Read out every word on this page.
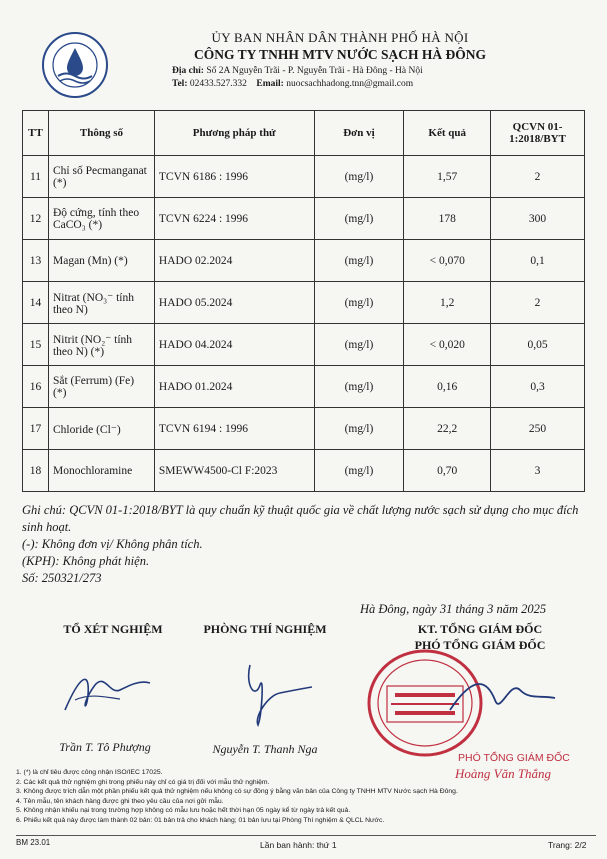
ỦY BAN NHÂN DÂN THÀNH PHỐ HÀ NỘI
CÔNG TY TNHH MTV NƯỚC SẠCH HÀ ĐÔNG
Địa chỉ: Số 2A Nguyễn Trãi - P. Nguyễn Trãi - Hà Đông - Hà Nội
Tel: 02433.527.332 Email: nuocsachhadong.tnn@gmail.com
TT	Thông số	Phương pháp thử	Đơn vị	Kết quả	QCVN 01-1:2018/BYT
11	Chỉ số Pecmanganat (*)	TCVN 6186 : 1996	(mg/l)	1,57	2
12	Độ cứng, tính theo CaCO₃ (*)	TCVN 6224 : 1996	(mg/l)	178	300
13	Magan (Mn) (*)	HADO 02.2024	(mg/l)	< 0,070	0,1
14	Nitrat (NO₃⁻ tính theo N)	HADO 05.2024	(mg/l)	1,2	2
15	Nitrit (NO₂⁻ tính theo N) (*)	HADO 04.2024	(mg/l)	< 0,020	0,05
16	Sắt (Ferrum) (Fe) (*)	HADO 01.2024	(mg/l)	0,16	0,3
17	Chloride (Cl⁻)	TCVN 6194 : 1996	(mg/l)	22,2	250
18	Monochloramine	SMEWW4500-Cl F:2023	(mg/l)	0,70	3
Ghi chú: QCVN 01-1:2018/BYT là quy chuẩn kỹ thuật quốc gia về chất lượng nước sạch sử dụng cho mục đích sinh hoạt.
(-): Không đơn vị/ Không phân tích.
(KPH): Không phát hiện.
Số: 250321/273
Hà Đông, ngày 31 tháng 3 năm 2025
TỔ XÉT NGHIỆM	PHÒNG THÍ NGHIỆM	KT. TỔNG GIÁM ĐỐC
PHÓ TỔNG GIÁM ĐỐC
Trần T. Tô Phượng	Nguyễn T. Thanh Nga
PHÓ TỔNG GIÁM ĐỐC
Hoàng Văn Thắng
1. (*) là chỉ tiêu được công nhận ISO/IEC 17025.
2. Các kết quả thử nghiệm ghi trong phiếu này chỉ có giá trị đối với mẫu thử nghiệm.
3. Không được trích dẫn một phần phiếu kết quả thử nghiệm nếu không có sự đồng ý bằng văn bản của Công ty TNHH MTV Nước sạch Hà Đông.
4. Tên mẫu, tên khách hàng được ghi theo yêu cầu của nơi gửi mẫu.
5. Không nhận khiếu nại trong trường hợp không có mẫu lưu hoặc hết thời hạn 05 ngày kể từ ngày trả kết quả.
6. Phiếu kết quả này được làm thành 02 bản: 01 bản trả cho khách hàng; 01 bản lưu tại Phòng Thí nghiệm & QLCL Nước.
BM 23.01	Lần ban hành: thứ 1	Trang: 2/2
